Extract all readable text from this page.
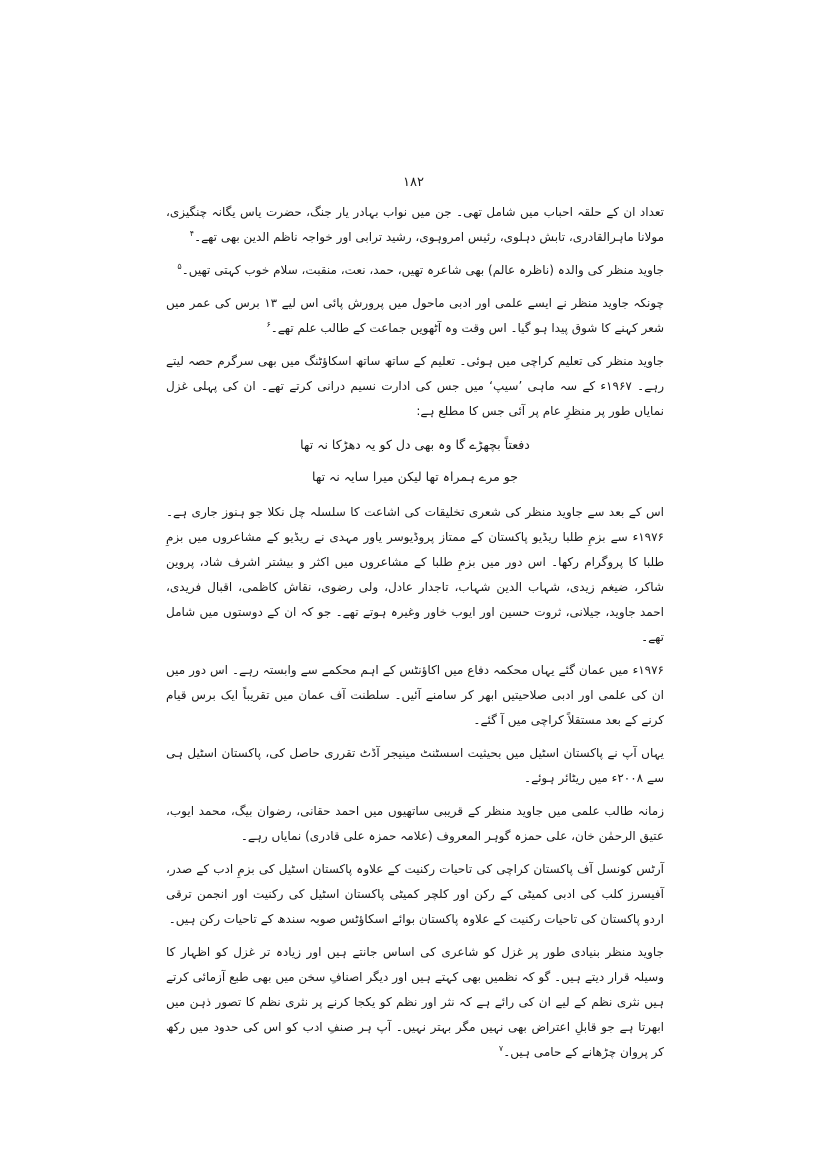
۱۸۲

تعداد ان کے حلقہ احباب میں شامل تھی۔ جن میں نواب بہادر یار جنگ، حضرت یاس یگانہ چنگیزی، مولانا ماہرالقادری، تابش دہلوی، رئیس امروہوی، رشید ترابی اور خواجہ ناظم الدین بھی تھے۔$^۴$

جاوید منظر کی والدہ (ناظرہ عالم) بھی شاعرہ تھیں، حمد، نعت، منقبت، سلام خوب کہتی تھیں۔$^۵$

چونکہ جاوید منظر نے ایسے علمی اور ادبی ماحول میں پرورش پائی اس لیے ۱۳ برس کی عمر میں شعر کہنے کا شوق پیدا ہو گیا۔ اس وقت وہ آٹھویں جماعت کے طالب علم تھے۔$^۶$

جاوید منظر کی تعلیم کراچی میں ہوئی۔ تعلیم کے ساتھ ساتھ اسکاؤٹنگ میں بھی سرگرم حصہ لیتے رہے۔ ۱۹۶۷ء کے سہ ماہی ’سیپ‘ میں جس کی ادارت نسیم درانی کرتے تھے۔ ان کی پہلی غزل نمایاں طور پر منظرِ عام پر آئی جس کا مطلع ہے:

دفعتاً بچھڑے گا وہ بھی دل کو یہ دھڑکا نہ تھا
جو مرے ہمراہ تھا لیکن میرا سایہ نہ تھا

اس کے بعد سے جاوید منظر کی شعری تخلیقات کی اشاعت کا سلسلہ چل نکلا جو ہنوز جاری ہے۔ ۱۹۷۶ء سے بزمِ طلبا ریڈیو پاکستان کے ممتاز پروڈیوسر یاور مہدی نے ریڈیو کے مشاعروں میں بزمِ طلبا کا پروگرام رکھا۔ اس دور میں بزمِ طلبا کے مشاعروں میں اکثر و بیشتر اشرف شاد، پروین شاکر، ضیغم زیدی، شہاب الدین شہاب، تاجدار عادل، ولی رضوی، نقاش کاظمی، اقبال فریدی، احمد جاوید، جیلانی، ثروت حسین اور ایوب خاور وغیرہ ہوتے تھے۔ جو کہ ان کے دوستوں میں شامل تھے۔

۱۹۷۶ء میں عمان گئے یہاں محکمہ دفاع میں اکاؤنٹس کے اہم محکمے سے وابستہ رہے۔ اس دور میں ان کی علمی اور ادبی صلاحیتیں ابھر کر سامنے آئیں۔ سلطنت آف عمان میں تقریباً ایک برس قیام کرنے کے بعد مستقلاً کراچی میں آ گئے۔

یہاں آپ نے پاکستان اسٹیل میں بحیثیت اسسٹنٹ مینیجر آڈٹ تقرری حاصل کی، پاکستان اسٹیل ہی سے ۲۰۰۸ء میں ریٹائر ہوئے۔

زمانہ طالب علمی میں جاوید منظر کے قریبی ساتھیوں میں احمد حقانی، رضوان بیگ، محمد ایوب، عتیق الرحمٰن خان، علی حمزہ گوہر المعروف (علامہ حمزہ علی قادری) نمایاں رہے۔

آرٹس کونسل آف پاکستان کراچی کی تاحیات رکنیت کے علاوہ پاکستان اسٹیل کی بزمِ ادب کے صدر، آفیسرز کلب کی ادبی کمیٹی کے رکن اور کلچر کمیٹی پاکستان اسٹیل کی رکنیت اور انجمن ترقی اردو پاکستان کی تاحیات رکنیت کے علاوہ پاکستان بوائے اسکاؤٹس صوبہ سندھ کے تاحیات رکن ہیں۔

جاوید منظر بنیادی طور پر غزل کو شاعری کی اساس جانتے ہیں اور زیادہ تر غزل کو اظہار کا وسیلہ قرار دیتے ہیں۔ گو کہ نظمیں بھی کہتے ہیں اور دیگر اصنافِ سخن میں بھی طبع آزمائی کرتے ہیں نثری نظم کے لیے ان کی رائے ہے کہ نثر اور نظم کو یکجا کرنے پر نثری نظم کا تصور ذہن میں ابھرتا ہے جو قابلِ اعتراض بھی نہیں مگر بہتر نہیں۔ آپ ہر صنفِ ادب کو اس کی حدود میں رکھ کر پروان چڑھانے کے حامی ہیں۔$^۷$
